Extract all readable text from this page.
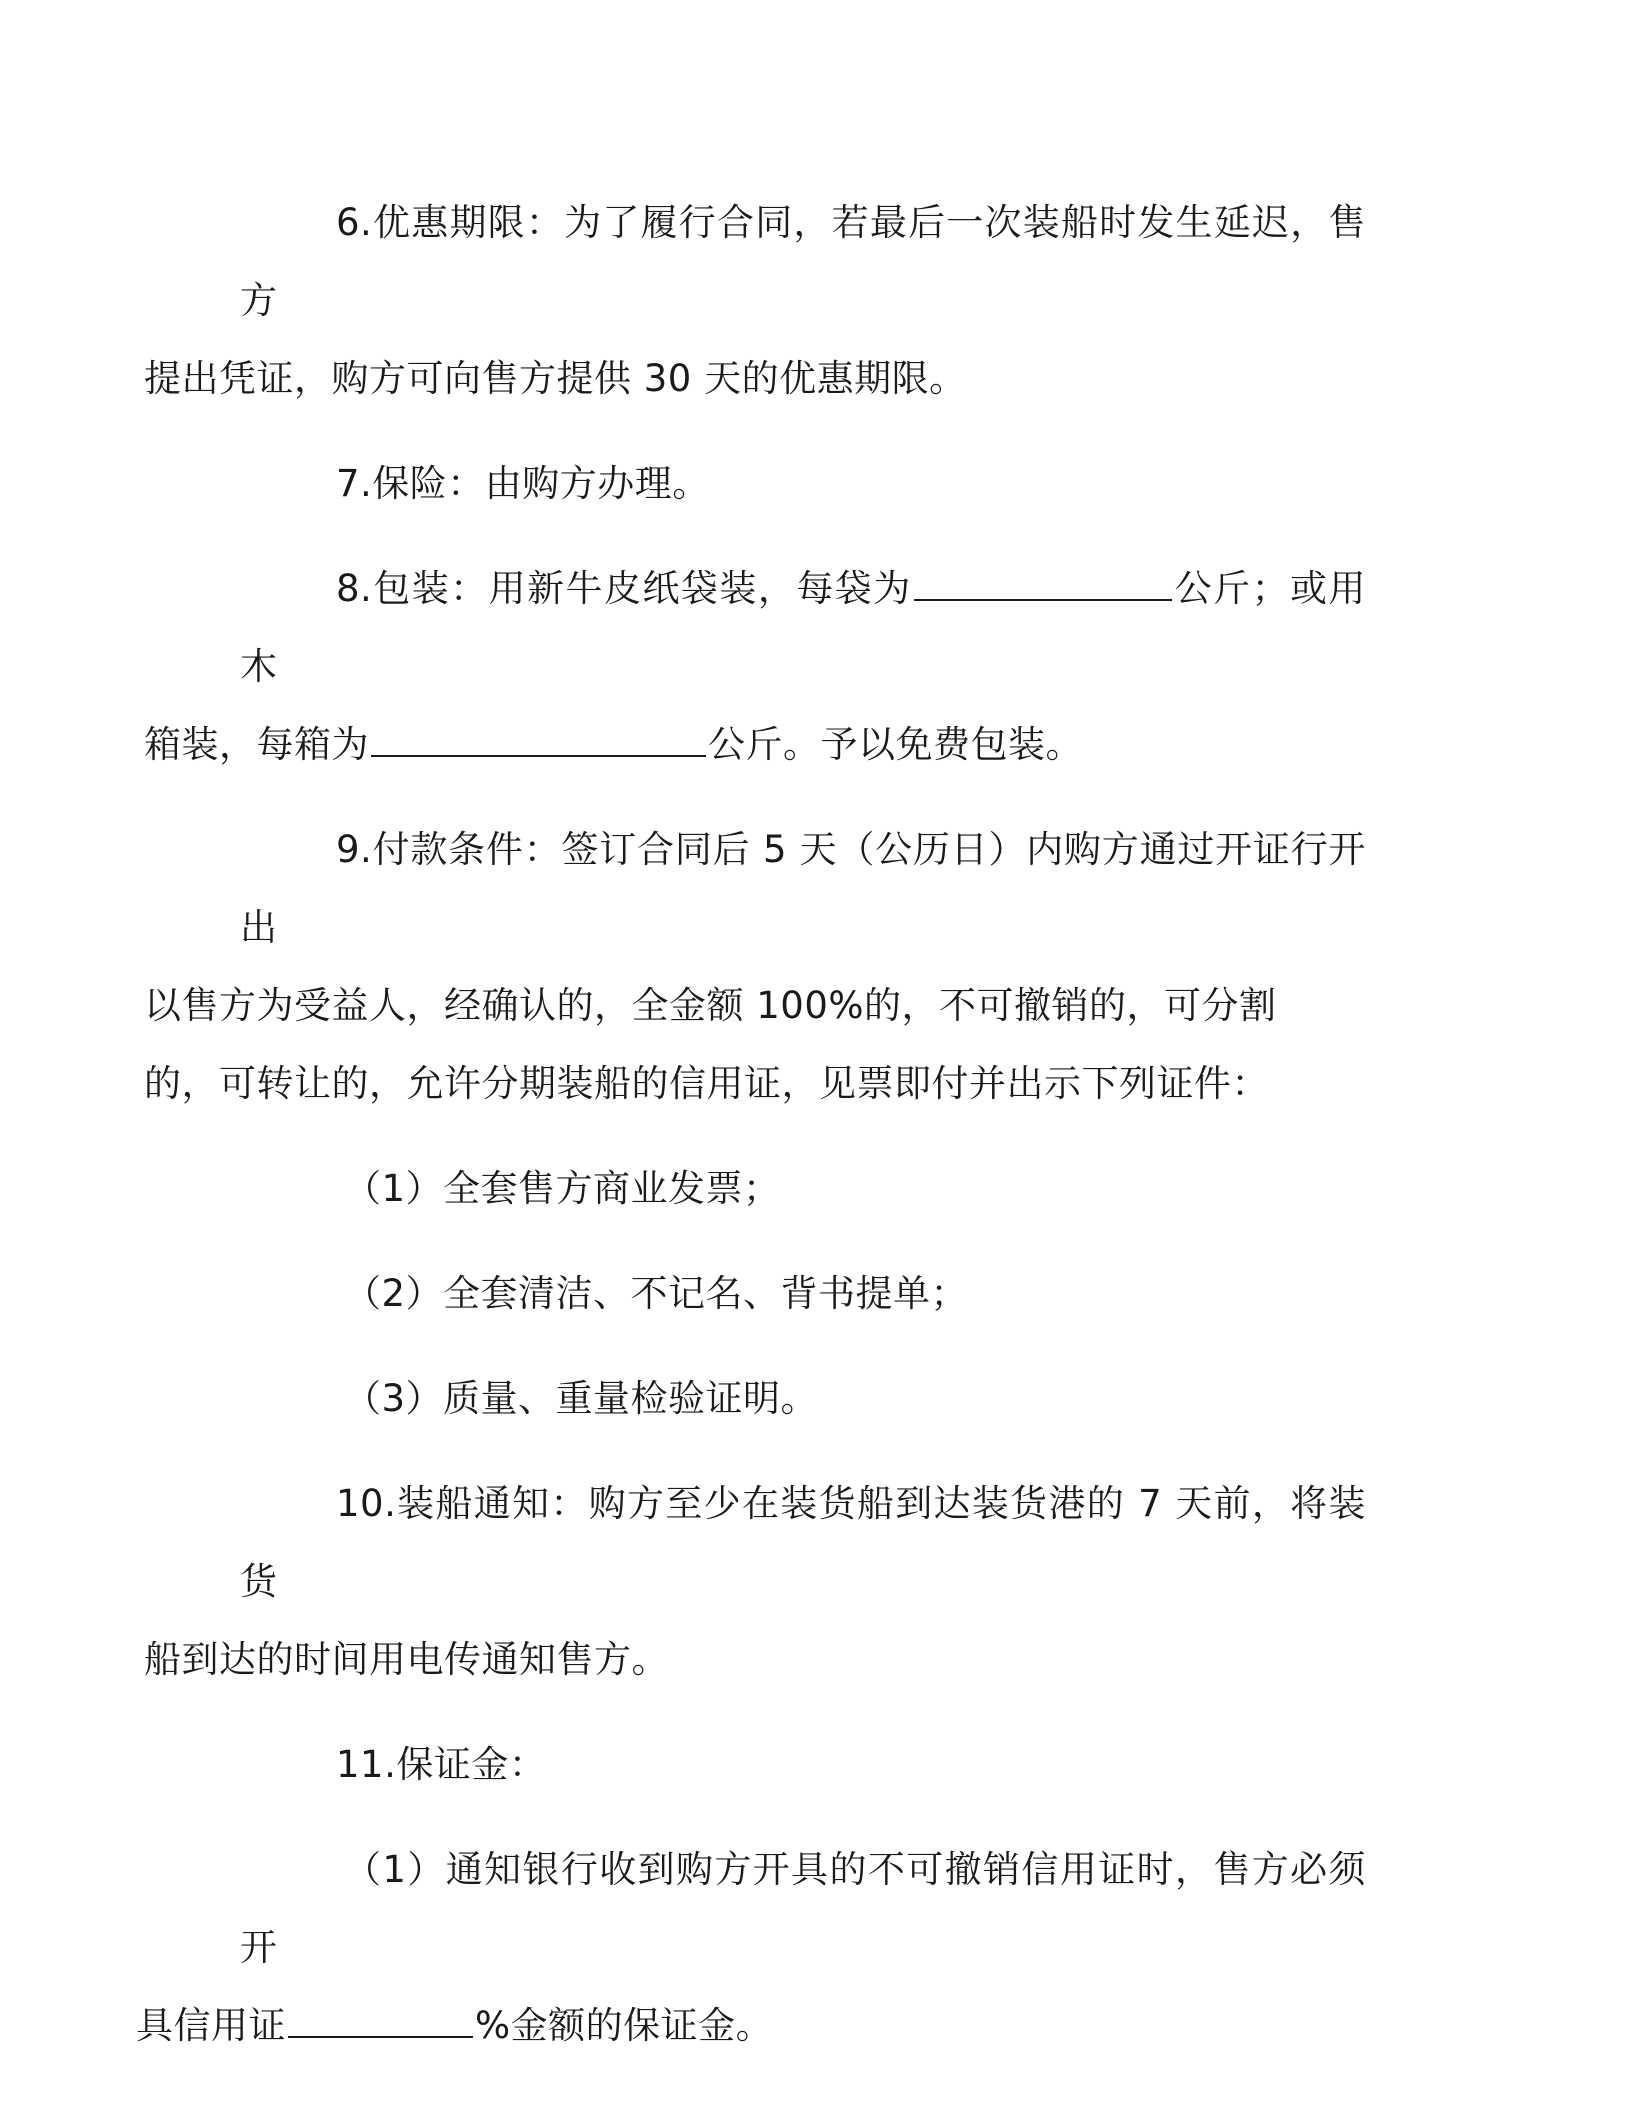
6.优惠期限：为了履行合同，若最后一次装船时发生延迟，售方
提出凭证，购方可向售方提供 30 天的优惠期限。

7.保险：由购方办理。

8.包装：用新牛皮纸袋装，每袋为	公斤；或用木
箱装，每箱为	公斤。予以免费包装。

9.付款条件：签订合同后 5 天（公历日）内购方通过开证行开出
以售方为受益人，经确认的，全金额 100%的，不可撤销的，可分割
的，可转让的，允许分期装船的信用证，见票即付并出示下列证件：

（1）全套售方商业发票；

（2）全套清洁、不记名、背书提单；

（3）质量、重量检验证明。

10.装船通知：购方至少在装货船到达装货港的 7 天前，将装货
船到达的时间用电传通知售方。

11.保证金：

（1）通知银行收到购方开具的不可撤销信用证时，售方必须开
具信用证	%金额的保证金。
